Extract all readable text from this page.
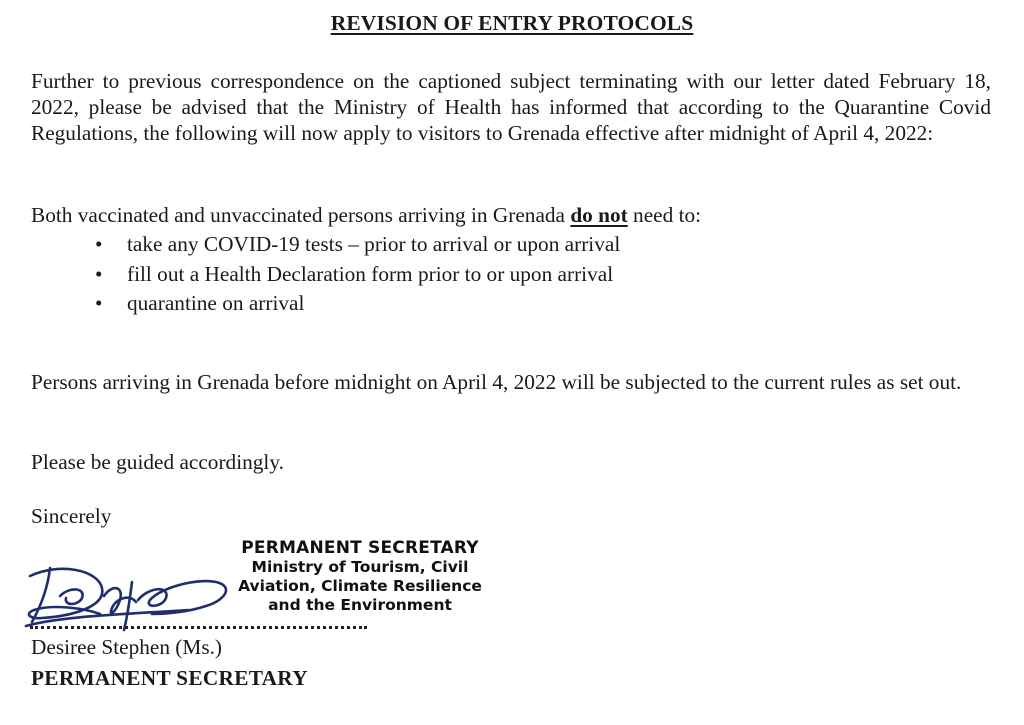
REVISION OF ENTRY PROTOCOLS

Further to previous correspondence on the captioned subject terminating with our letter dated February 18, 2022, please be advised that the Ministry of Health has informed that according to the Quarantine Covid Regulations, the following will now apply to visitors to Grenada effective after midnight of April 4, 2022:

Both vaccinated and unvaccinated persons arriving in Grenada do not need to:

• take any COVID-19 tests – prior to arrival or upon arrival
• fill out a Health Declaration form prior to or upon arrival
• quarantine on arrival

Persons arriving in Grenada before midnight on April 4, 2022 will be subjected to the current rules as set out.

Please be guided accordingly.

Sincerely

PERMANENT SECRETARY
Ministry of Tourism, Civil
Aviation, Climate Resilience
and the Environment
Desiree Stephen (Ms.)
PERMANENT SECRETARY
